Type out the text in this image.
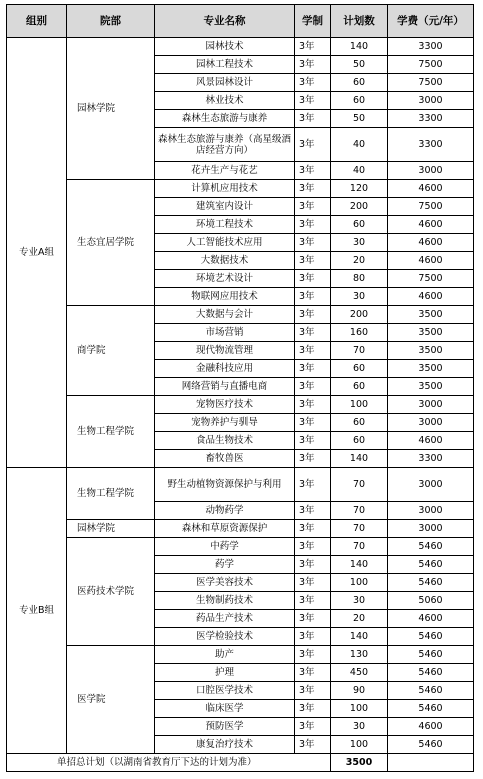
组别	院部	专业名称	学制	计划数	学费（元/年）
专业A组	园林学院	园林技术	3年	140	3300
		园林工程技术	3年	50	7500
		风景园林设计	3年	60	7500
		林业技术	3年	60	3000
		森林生态旅游与康养	3年	50	3300
		森林生态旅游与康养（高星级酒店经营方向）	3年	40	3300
		花卉生产与花艺	3年	40	3000
	生态宜居学院	计算机应用技术	3年	120	4600
		建筑室内设计	3年	200	7500
		环境工程技术	3年	60	4600
		人工智能技术应用	3年	30	4600
		大数据技术	3年	20	4600
		环境艺术设计	3年	80	7500
		物联网应用技术	3年	30	4600
	商学院	大数据与会计	3年	200	3500
		市场营销	3年	160	3500
		现代物流管理	3年	70	3500
		金融科技应用	3年	60	3500
		网络营销与直播电商	3年	60	3500
	生物工程学院	宠物医疗技术	3年	100	3000
		宠物养护与驯导	3年	60	3000
		食品生物技术	3年	60	4600
		畜牧兽医	3年	140	3300
专业B组	生物工程学院	野生动植物资源保护与利用	3年	70	3000
		动物药学	3年	70	3000
	园林学院	森林和草原资源保护	3年	70	3000
	医药技术学院	中药学	3年	70	5460
		药学	3年	140	5460
		医学美容技术	3年	100	5460
		生物制药技术	3年	30	5060
		药品生产技术	3年	20	4600
		医学检验技术	3年	140	5460
	医学院	助产	3年	130	5460
		护理	3年	450	5460
		口腔医学技术	3年	90	5460
		临床医学	3年	100	5460
		预防医学	3年	30	4600
		康复治疗技术	3年	100	5460
单招总计划（以湖南省教育厅下达的计划为准）				3500	
